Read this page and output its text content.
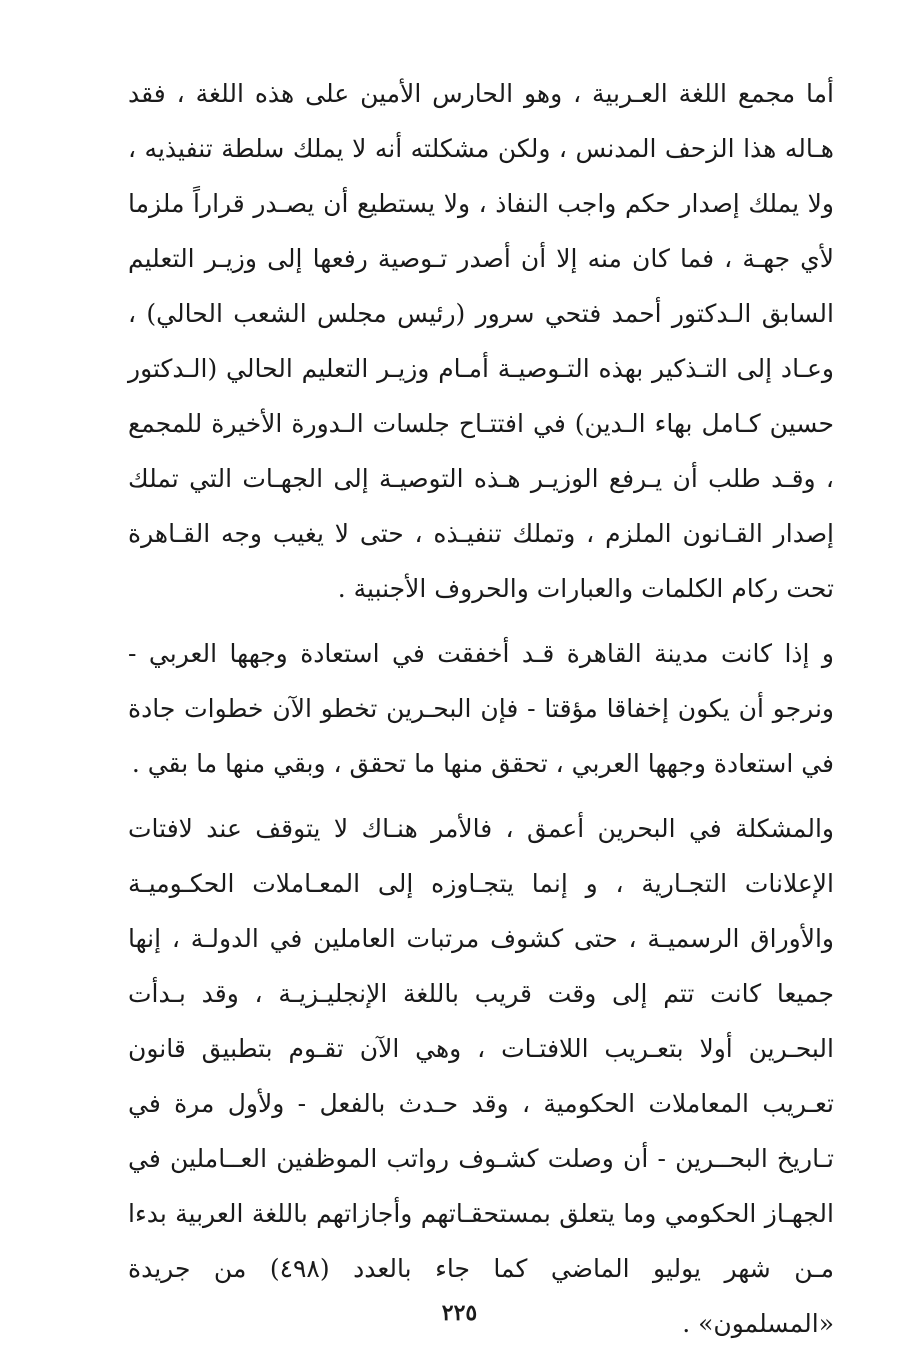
أما مجمع اللغة العـربية ، وهو الحارس الأمين على هذه اللغة ، فقد هـاله هذا الزحف المدنس ، ولكن مشكلته أنه لا يملك سلطة تنفيذيه ، ولا يملك إصدار حكم واجب النفاذ ، ولا يستطيع أن يصـدر قراراً ملزما لأي جهـة ، فما كان منه إلا أن أصدر تـوصية رفعها إلى وزيـر التعليم السابق الـدكتور أحمد فتحي سرور (رئيس مجلس الشعب الحالي) ، وعـاد إلى التـذكير بهذه التـوصيـة أمـام وزيـر التعليم الحالي (الـدكتور حسين كـامل بهاء الـدين) في افتتـاح جلسات الـدورة الأخيرة للمجمع ، وقـد طلب أن يـرفع الوزيـر هـذه التوصيـة إلى الجهـات التي تملك إصدار القـانون الملزم ، وتملك تنفيـذه ، حتى لا يغيب وجه القـاهرة تحت ركام الكلمات والعبارات والحروف الأجنبية .

و إذا كانت مدينة القاهرة قـد أخفقت في استعادة وجهها العربي - ونرجو أن يكون إخفاقا مؤقتا - فإن البحـرين تخطو الآن خطوات جادة في استعادة وجهها العربي ، تحقق منها ما تحقق ، وبقي منها ما بقي .

والمشكلة في البحرين أعمق ، فالأمر هنـاك لا يتوقف عند لافتات الإعلانات التجـارية ، و إنما يتجـاوزه إلى المعـاملات الحكـوميـة والأوراق الرسميـة ، حتى كشوف مرتبات العاملين في الدولـة ، إنها جميعا كانت تتم إلى وقت قريب باللغة الإنجليـزيـة ، وقد بـدأت البحـرين أولا بتعـريب اللافتـات ، وهي الآن تقـوم بتطبيق قانون تعـريب المعاملات الحكومية ، وقد حـدث بالفعل - ولأول مرة في تـاريخ البحــرين - أن وصلت كشـوف رواتب الموظفين العــاملين في الجهـاز الحكومي وما يتعلق بمستحقـاتهم وأجازاتهم باللغة العربية بدءا مـن شهر يوليو الماضي كما جاء بالعدد (٤٩٨) من جريدة «المسلمون» .

٢٢٥
